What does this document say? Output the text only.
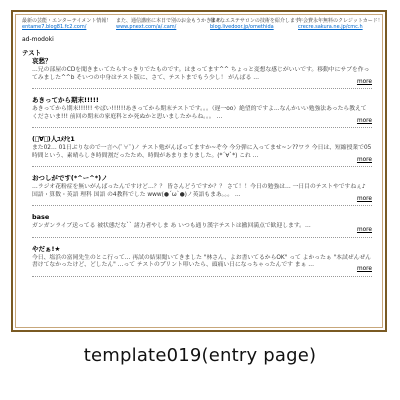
最新の芸能・エンターテイメント情報！
entame7.blog81.fc2.com/
また、通信講座に本日で別のお金もうかきまあ
www.pnext.com/a/.cam/
様々なエステサロンの技術を紹介します
blog.livedoor.jp/omethida
年会費永年無料のクレジットカード！
crecre.sakura.ne.jp/cmc.h
ad-modoki
テスト
哀愁？
…兄の部屋のCDを聞きまぃてたらすっきりでたものです。はまってます^^ ちょっと変想な感じがいいです。移動中にサブを作ってみました^^b そいつの中身はテスト版に、さて、テストまでもう少し！ がんばる …
more
あきってから期末!!!!!
あきってから期末!!!!!! やばい!!!!!!あきってから期末テストです。。。（遅一oo）絶望的ですよ…なんかいい勉強法あったら教えてくださいま!!! 前回の期末の家庭科とか死ぬかと思いましたからね。。。 …
more
(ﾟ∀ﾟ)人ﾕﾒﾅﾋ1
また02… 01日ぶりなので一言へ(ﾟ∀ﾟ)ノ テスト勉がんばってますか~ぞ今 今分弾に入ってませ~ン??ワラ 今日は、短縮授業で05時間という、素晴らしき時間割だったため、時間があまりまりました。(*´∀`*) これ …
more
おつしがです(*^ー^*)ノ
…ラジオ花粉症を無いがんばったんですけど…？？ 皆さんどうですか？？ さて！！今日の勉強は… 一日目のテストやですねぇ♪ 国語・算数・英語 理科 国語 の4教科でした www(●´ω`●)ノ英語もまあ。。。 …
more
base
ガンガンライブ送ってる 被状態だな`` 諸力者やしま あ いつも通り漢字テストは撤回満点で歓迎します。…
more
やだぁ!★
今日、塩浜の富岡先生のとこ行って… 再試の結果聞いてきました "林さん、よお書いてるからOK" って よかったぁ "本試ぜんぜん書けてなかったけど、どしたん" …って テストのプリント叩いたら、頭痛い日になっちゃったんです まぁ …
more
template019(entry page)
